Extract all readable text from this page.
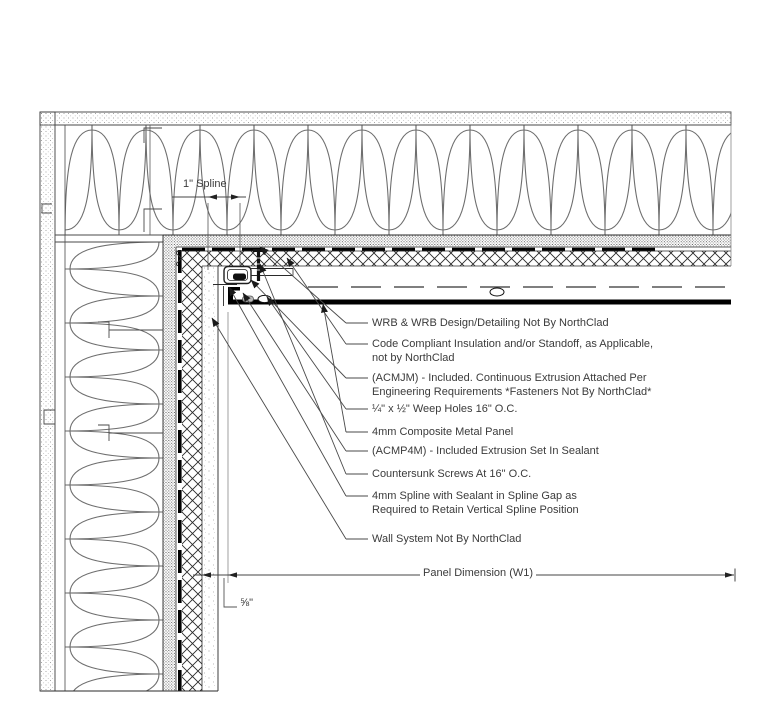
1" Spline
Panel Dimension (W1)
⅝"
WRB & WRB Design/Detailing Not By NorthClad
Code Compliant Insulation and/or Standoff, as Applicable,
not by NorthClad
(ACMJM) - Included. Continuous Extrusion Attached Per
Engineering Requirements *Fasteners Not By NorthClad*
¼" x ½" Weep Holes 16" O.C.
4mm Composite Metal Panel
(ACMP4M) - Included Extrusion Set In Sealant
Countersunk Screws At 16" O.C.
4mm Spline with Sealant in Spline Gap as
Required to Retain Vertical Spline Position
Wall System Not By NorthClad
